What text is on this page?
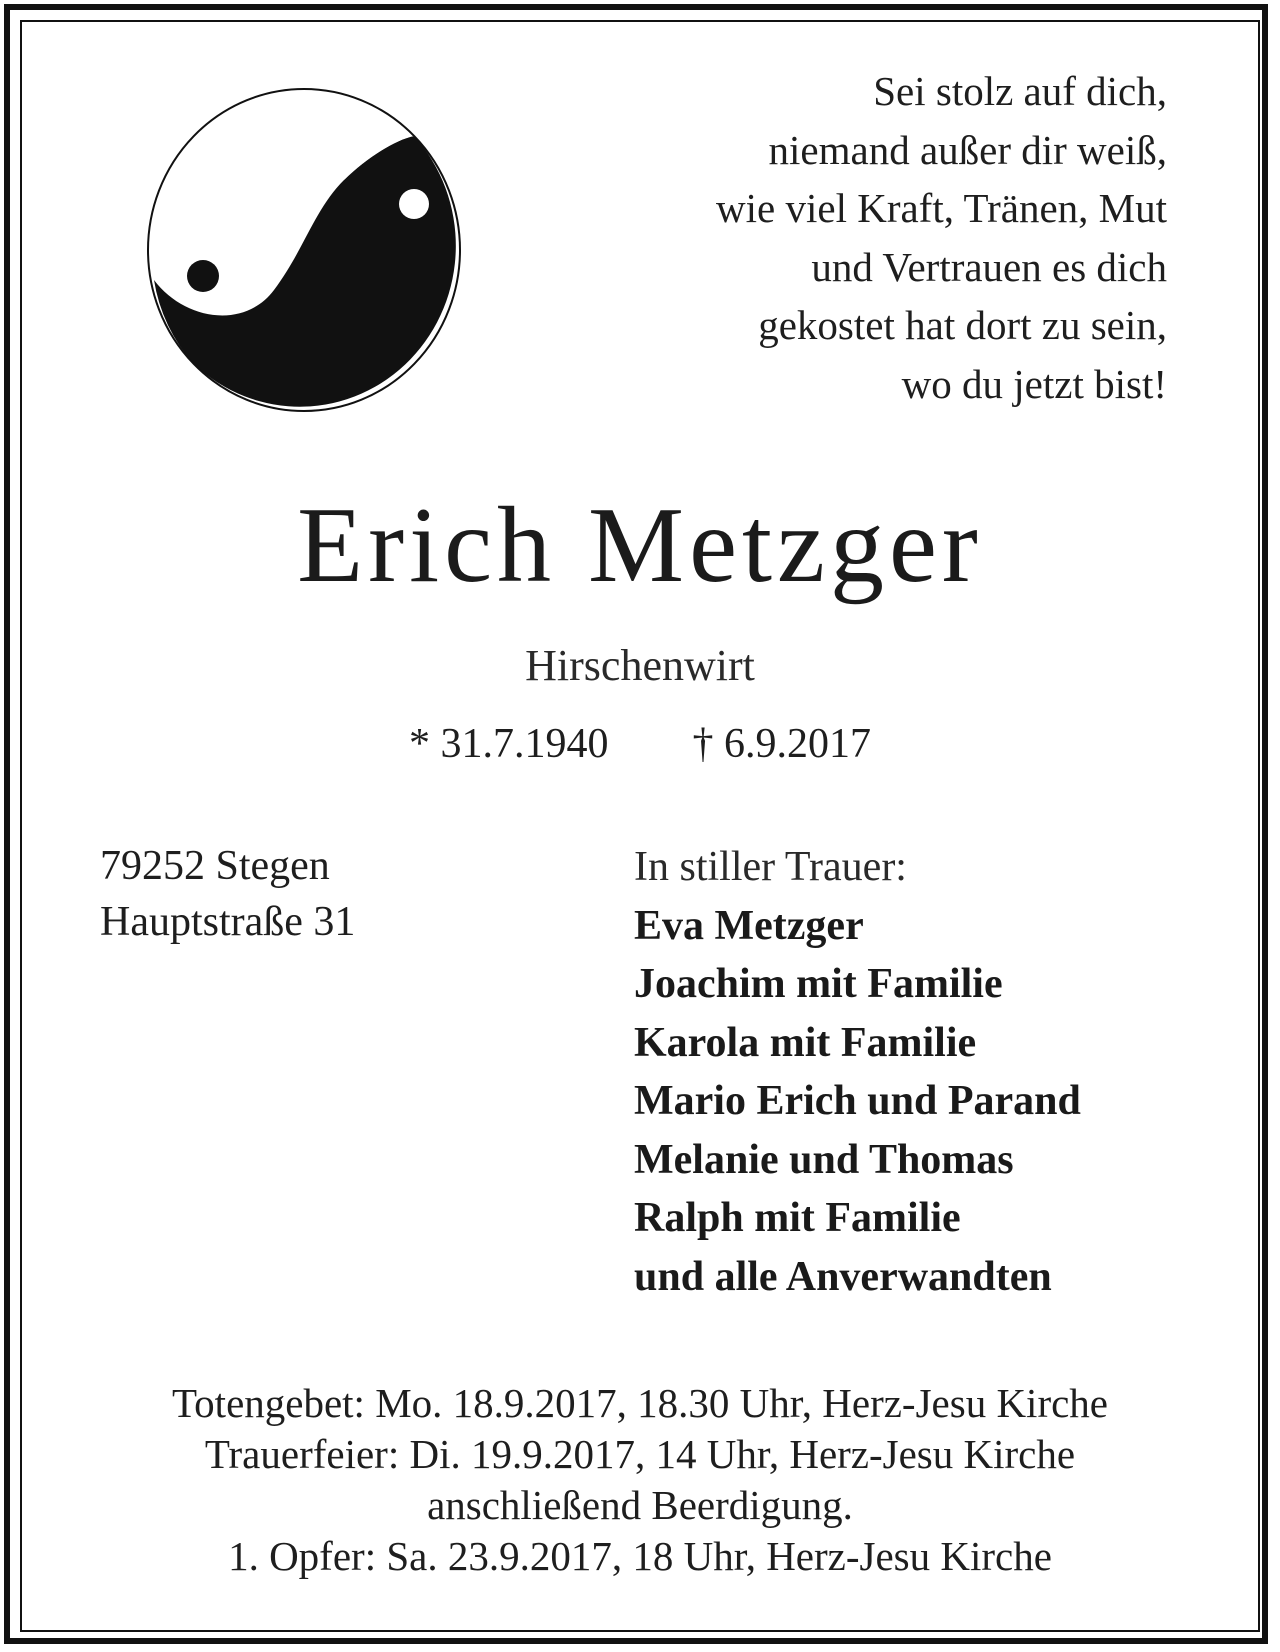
Sei stolz auf dich,
niemand außer dir weiß,
wie viel Kraft, Tränen, Mut
und Vertrauen es dich
gekostet hat dort zu sein,
wo du jetzt bist!
Erich Metzger
Hirschenwirt
* 31.7.1940 † 6.9.2017
79252 Stegen
Hauptstraße 31
In stiller Trauer:
Eva Metzger
Joachim mit Familie
Karola mit Familie
Mario Erich und Parand
Melanie und Thomas
Ralph mit Familie
und alle Anverwandten
Totengebet: Mo. 18.9.2017, 18.30 Uhr, Herz-Jesu Kirche
Trauerfeier: Di. 19.9.2017, 14 Uhr, Herz-Jesu Kirche
anschließend Beerdigung.
1. Opfer: Sa. 23.9.2017, 18 Uhr, Herz-Jesu Kirche
